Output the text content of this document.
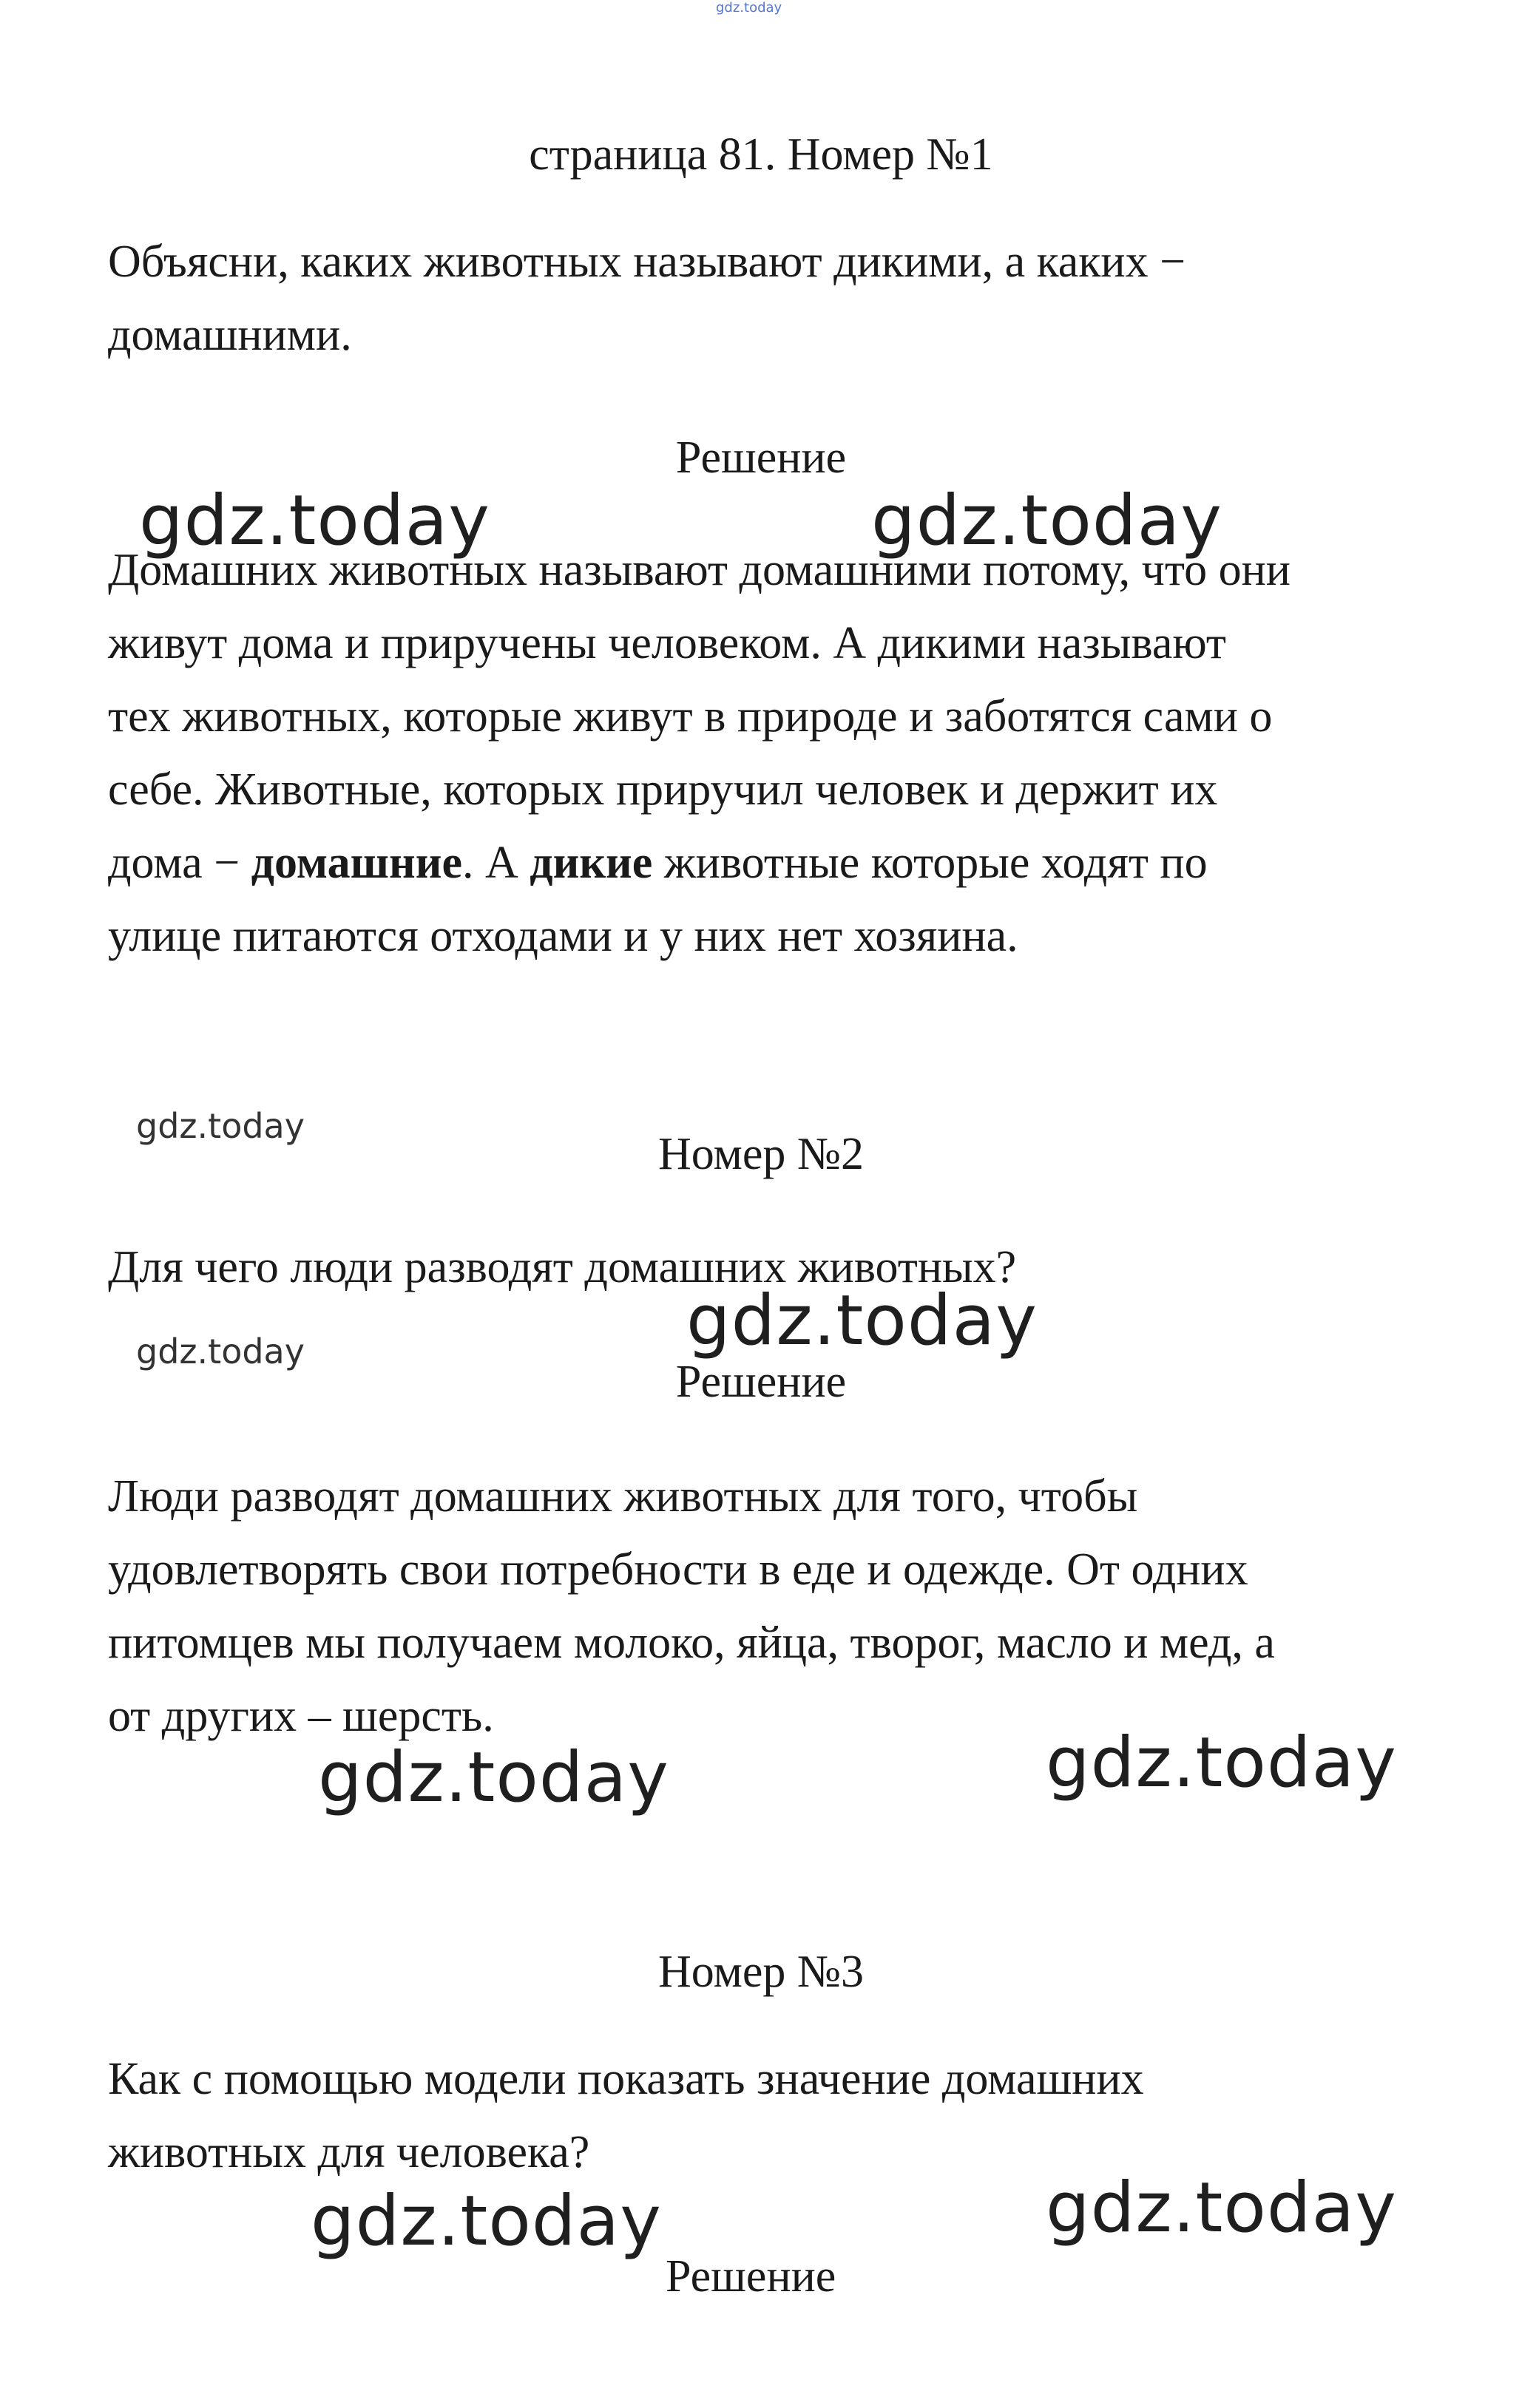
gdz.today
страница 81. Номер №1
Объясни, каких животных называют дикими, а каких −
домашними.
Решение
gdz.today	gdz.today
Домашних животных называют домашними потому, что они
живут дома и приручены человеком. А дикими называют
тех животных, которые живут в природе и заботятся сами о
себе. Животные, которых приручил человек и держит их
дома − домашние. А дикие животные которые ходят по
улице питаются отходами и у них нет хозяина.
gdz.today
Номер №2
Для чего люди разводят домашних животных?
gdz.today
gdz.today
Решение
Люди разводят домашних животных для того, чтобы
удовлетворять свои потребности в еде и одежде. От одних
питомцев мы получаем молоко, яйца, творог, масло и мед, а
от других – шерсть.
gdz.today	gdz.today
Номер №3
Как с помощью модели показать значение домашних
животных для человека?
gdz.today	gdz.today
Решение
